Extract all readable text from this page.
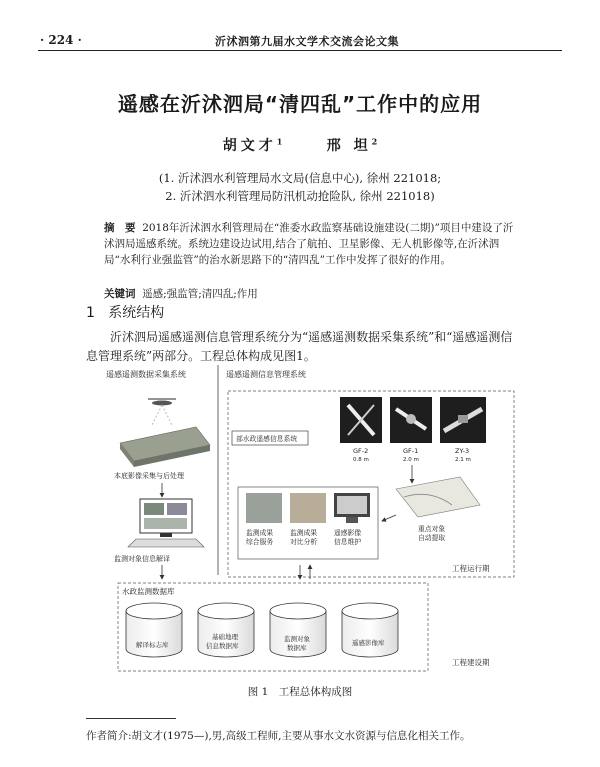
· 224 ·	沂沭泗第九届水文学术交流会论文集
遥感在沂沭泗局“清四乱”工作中的应用
胡文才$^1$	邢 坦$^2$
(1. 沂沭泗水利管理局水文局(信息中心), 徐州 221018;
2. 沂沭泗水利管理局防汛机动抢险队, 徐州 221018)
摘　要 2018年沂沭泗水利管理局在“淮委水政监察基础设施建设(二期)”项目中建设了沂沭泗局遥感系统。系统边建设边试用,结合了航拍、卫星影像、无人机影像等,在沂沭泗局“水利行业强监管”的治水新思路下的“清四乱”工作中发挥了很好的作用。
关键词 遥感;强监管;清四乱;作用
1 系统结构
沂沭泗局遥感遥测信息管理系统分为“遥感遥测数据采集系统”和“遥感遥测信息管理系统”两部分。工程总体构成见图1。
遥感遥测数据采集系统	遥感遥测信息管理系统
本底影像采集与后处理
监测对象信息解译
部水政遥感信息系统
GF-2
0.8 m
GF-1
2.0 m
ZY-3
2.1 m
监测成果
综合服务
监测成果
对比分析
遥感影像
信息维护
重点对象
自动提取
工程运行期
水政监测数据库
解译标志库
基础地理
信息数据库
监测对象
数据库
遥感影像库
工程建设期
图 1　工程总体构成图
作者简介:胡文才(1975—),男,高级工程师,主要从事水文水资源与信息化相关工作。
